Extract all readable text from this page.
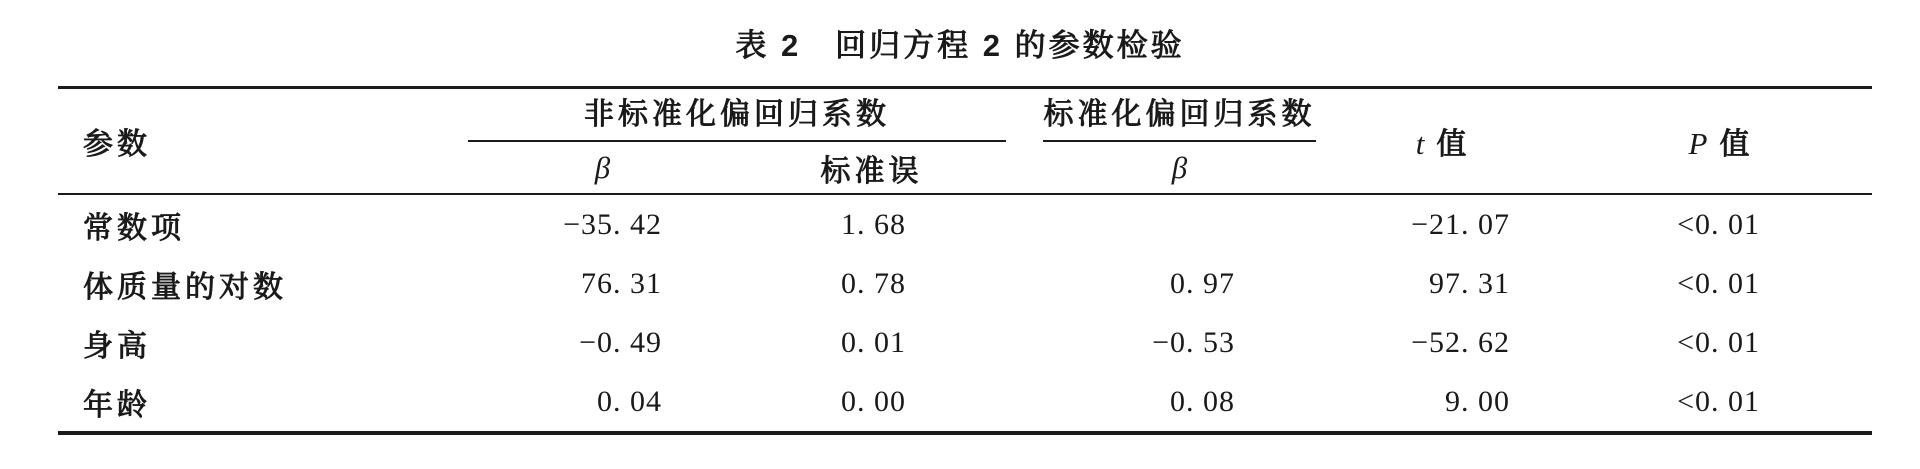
表 2　回归方程 2 的参数检验
参数	非标准化偏回归系数		标准化偏回归系数	t 值	P 值
	β	标准误	β		
常数项	−35. 42	1. 68		−21. 07	<0. 01
体质量的对数	76. 31	0. 78	0. 97	97. 31	<0. 01
身高	−0. 49	0. 01	−0. 53	−52. 62	<0. 01
年龄	0. 04	0. 00	0. 08	9. 00	<0. 01
